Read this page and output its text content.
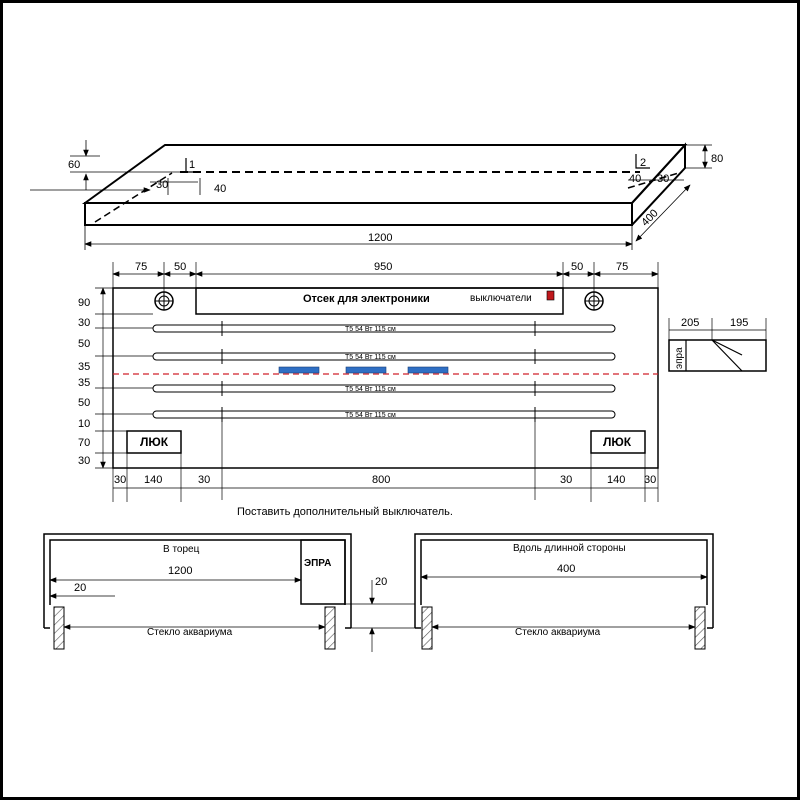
1	2
60
30	40
40 30
80
400
1200
Отсек для электроники	выключатели
T5 54 Вт 115 см
T5 54 Вт 115 см
T5 54 Вт 115 см
T5 54 Вт 115 см
ЛЮК	ЛЮК
75 50	950	50	75
90
30
50
35
35
50
10
70
30
30 140	30	800	30	140 30
Поставить дополнительный выключатель.
эпра
205	195
ЭПРА
В торец
1200
20
Стекло аквариума
20
Вдоль длинной стороны
400
Стекло аквариума
